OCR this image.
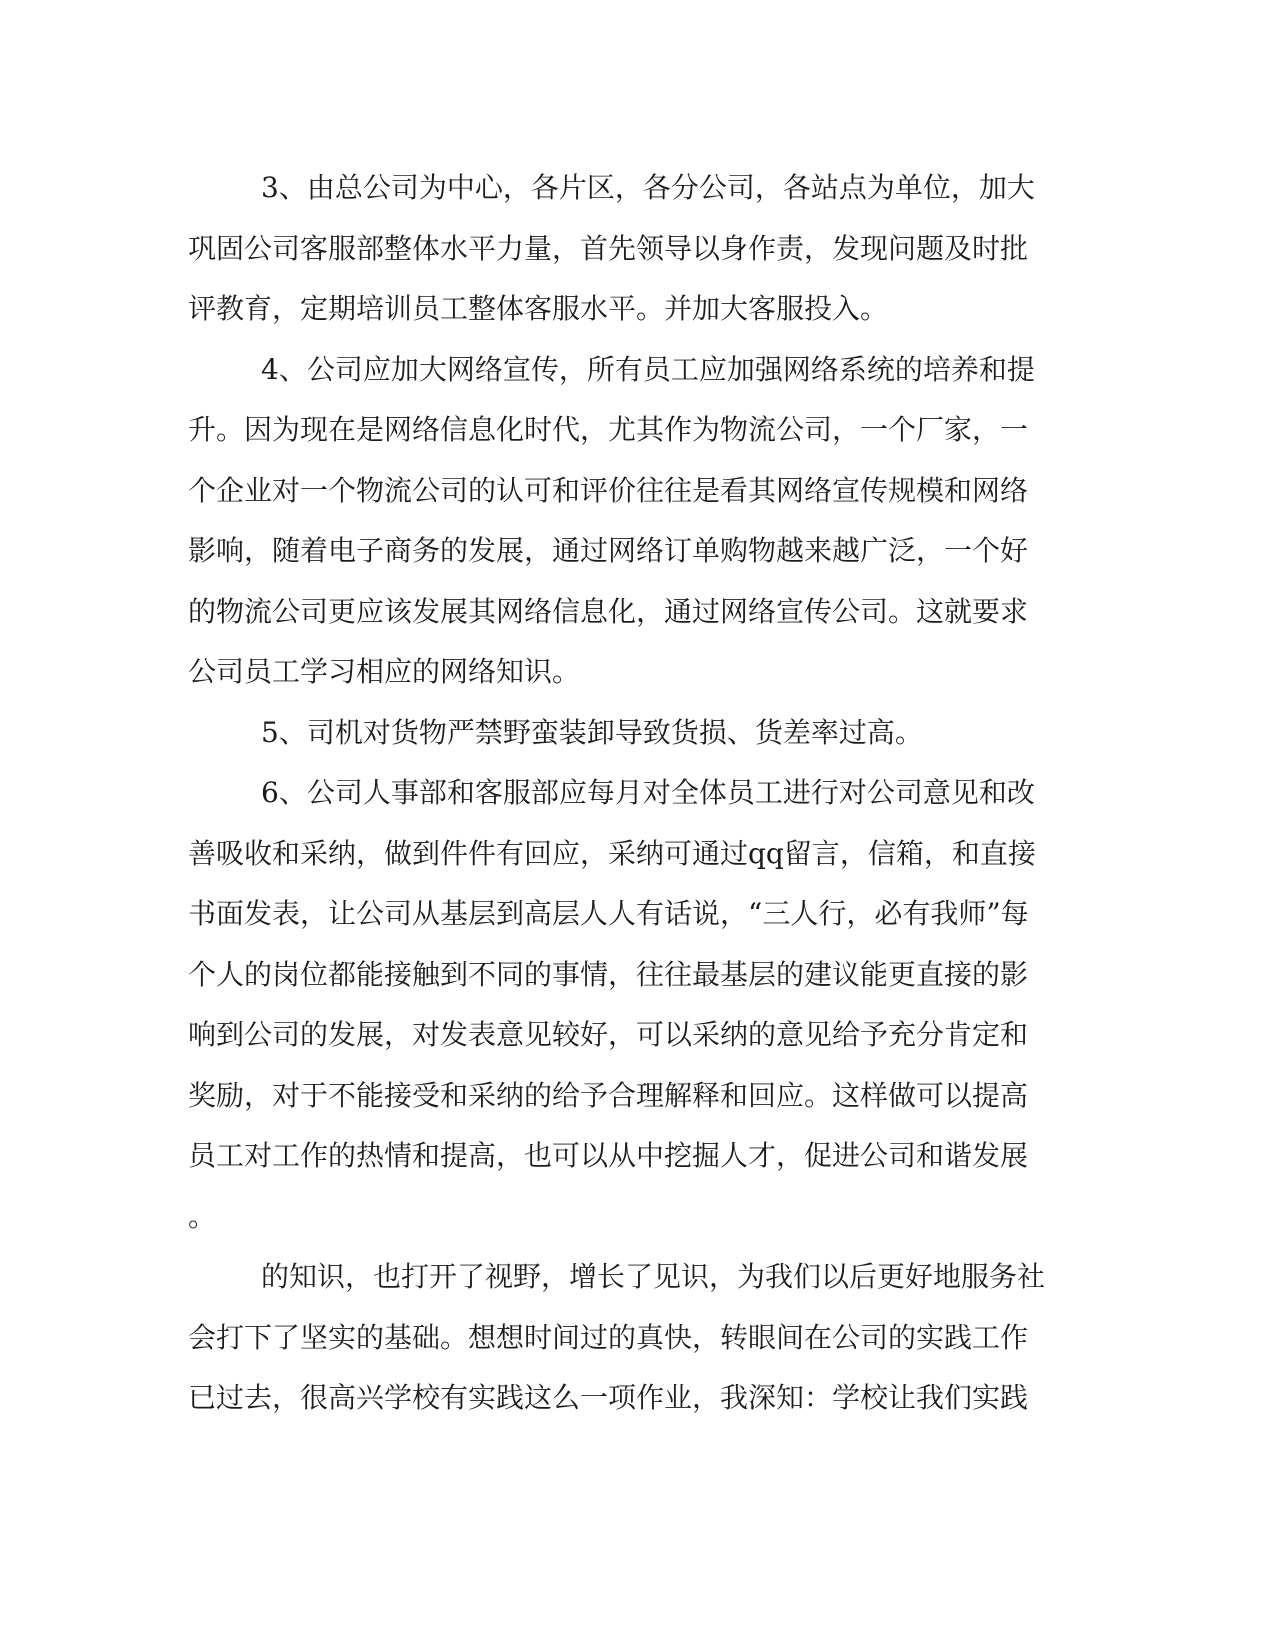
3、由总公司为中心，各片区，各分公司，各站点为单位，加大
巩固公司客服部整体水平力量，首先领导以身作责，发现问题及时批
评教育，定期培训员工整体客服水平。并加大客服投入。

4、公司应加大网络宣传，所有员工应加强网络系统的培养和提
升。因为现在是网络信息化时代，尤其作为物流公司，一个厂家，一
个企业对一个物流公司的认可和评价往往是看其网络宣传规模和网络
影响，随着电子商务的发展，通过网络订单购物越来越广泛，一个好
的物流公司更应该发展其网络信息化，通过网络宣传公司。这就要求
公司员工学习相应的网络知识。

5、司机对货物严禁野蛮装卸导致货损、货差率过高。

6、公司人事部和客服部应每月对全体员工进行对公司意见和改
善吸收和采纳，做到件件有回应，采纳可通过qq留言，信箱，和直接
书面发表，让公司从基层到高层人人有话说，“三人行，必有我师”每
个人的岗位都能接触到不同的事情，往往最基层的建议能更直接的影
响到公司的发展，对发表意见较好，可以采纳的意见给予充分肯定和
奖励，对于不能接受和采纳的给予合理解释和回应。这样做可以提高
员工对工作的热情和提高，也可以从中挖掘人才，促进公司和谐发展
。

的知识，也打开了视野，增长了见识，为我们以后更好地服务社
会打下了坚实的基础。想想时间过的真快，转眼间在公司的实践工作
已过去，很高兴学校有实践这么一项作业，我深知：学校让我们实践
